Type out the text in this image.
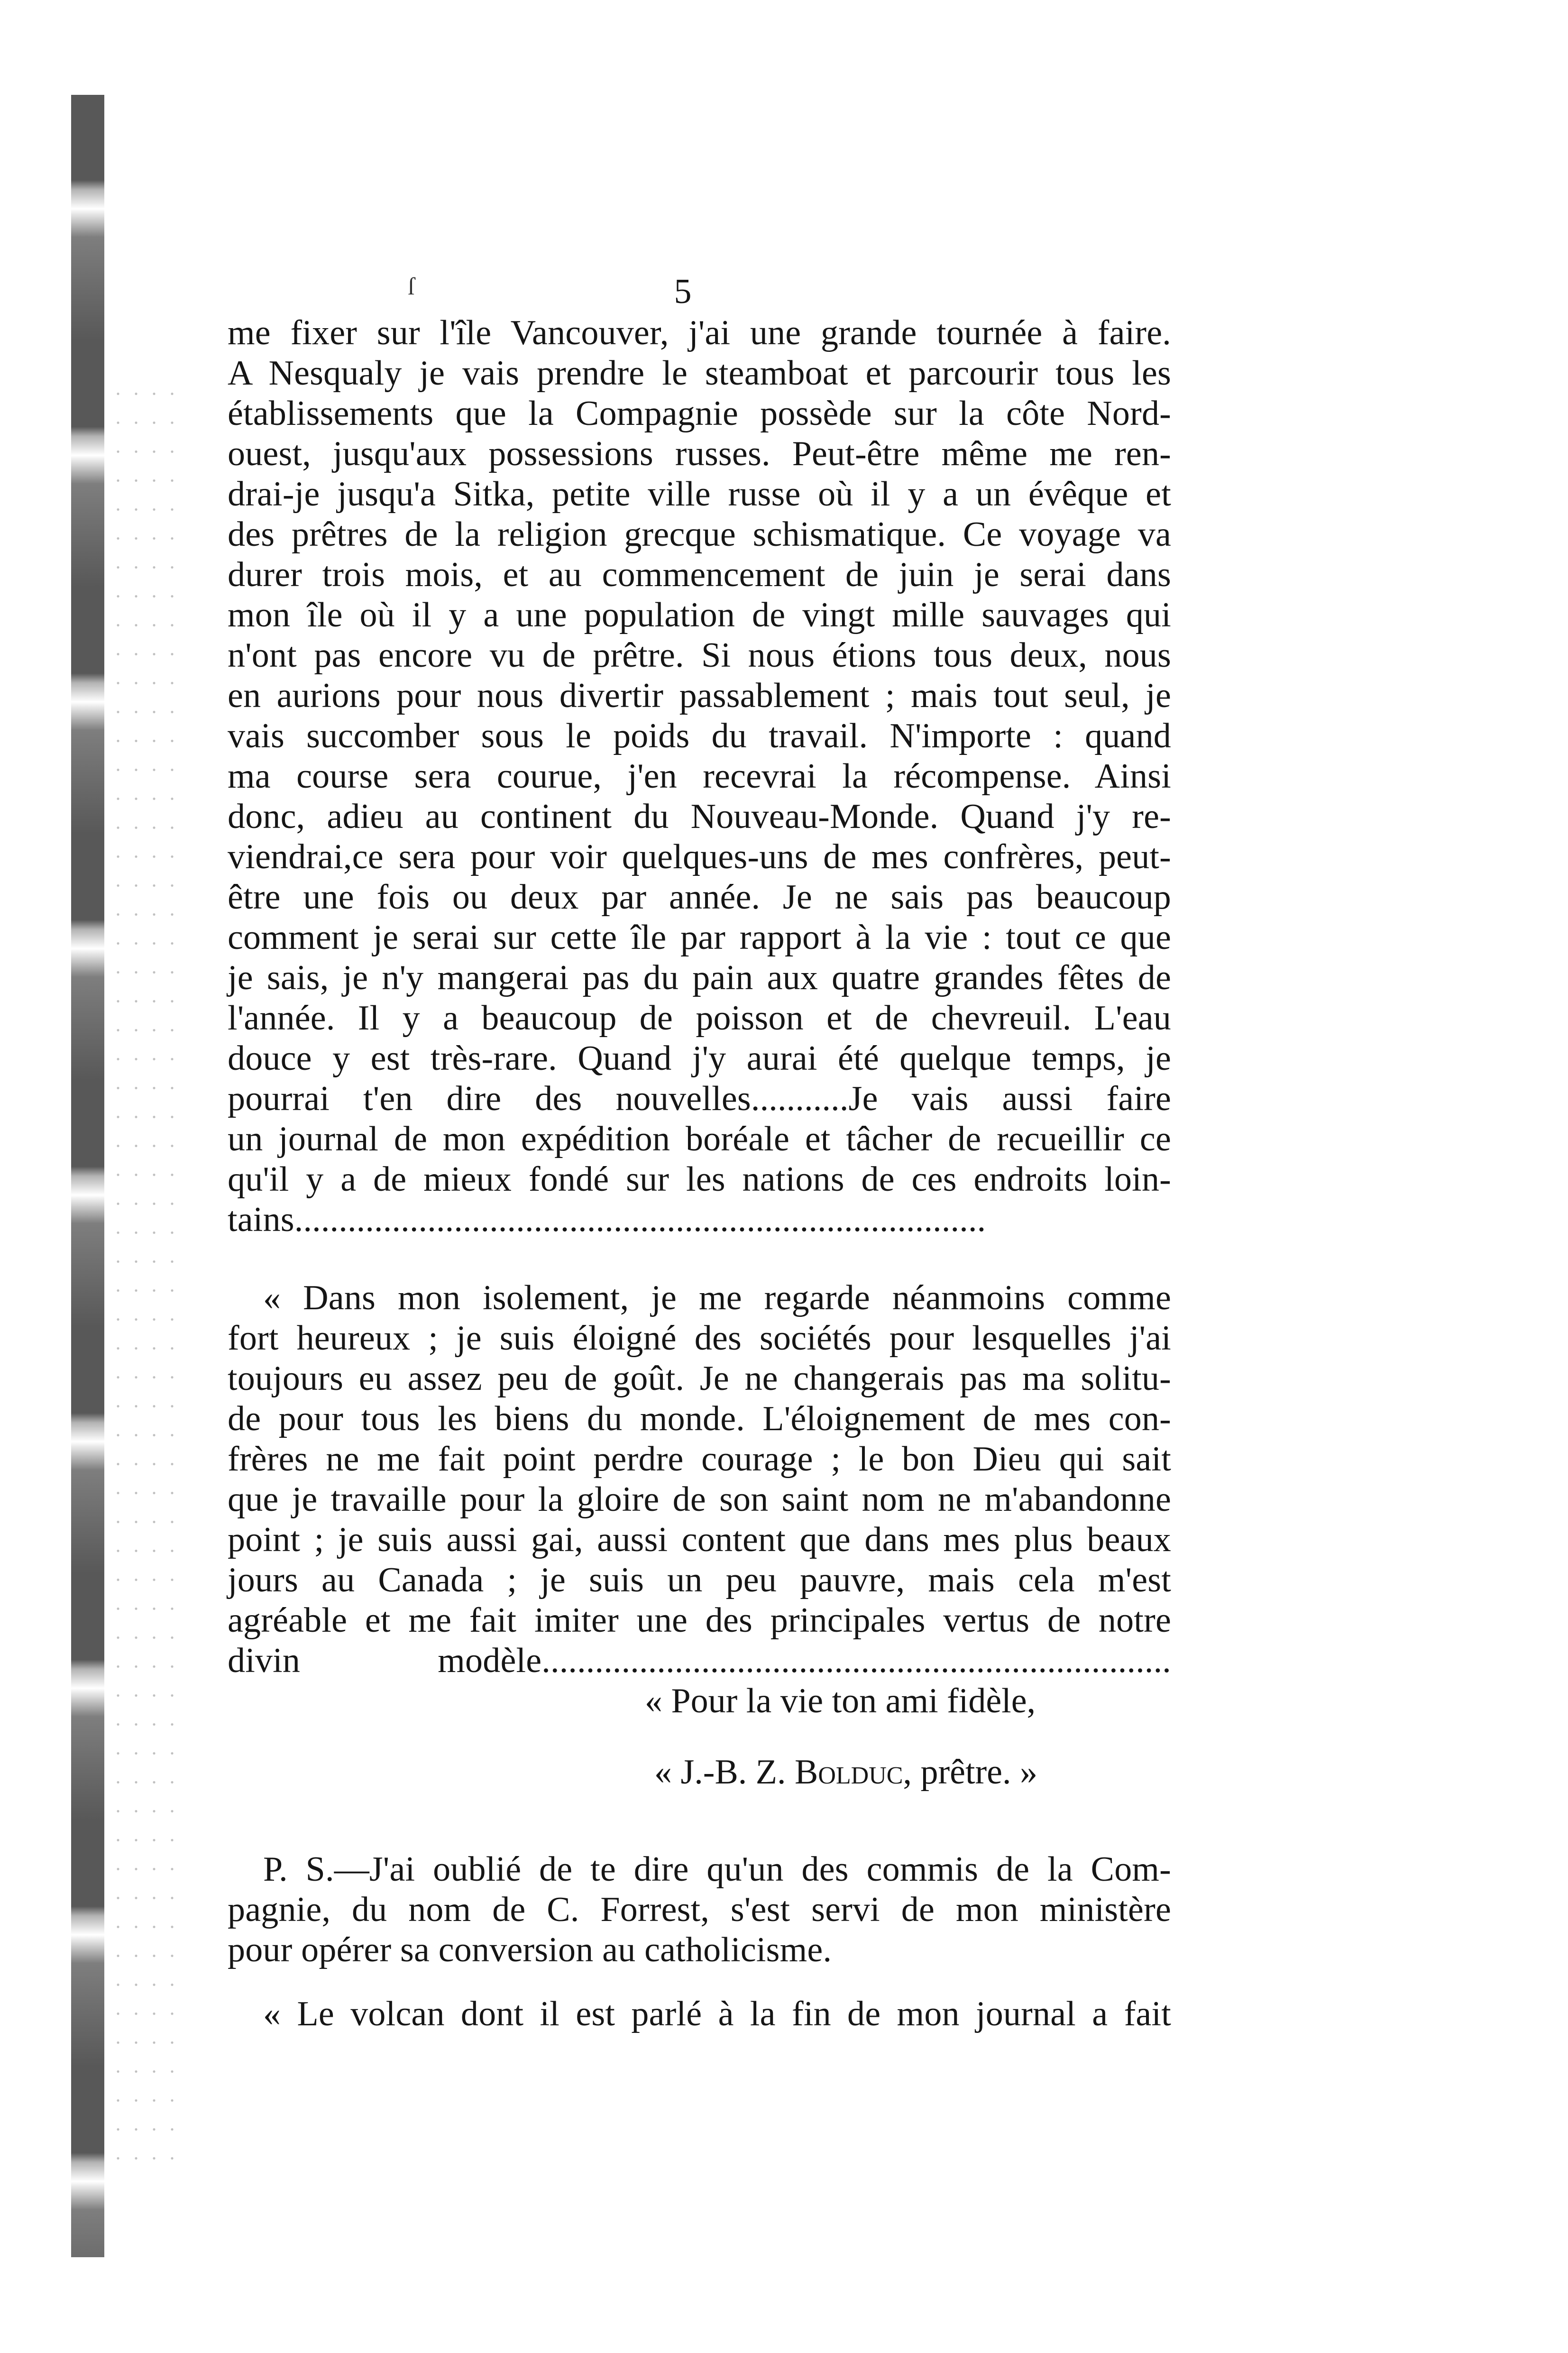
ſ	5
me fixer sur l'île Vancouver, j'ai une grande tournée à faire.
A Nesqualy je vais prendre le steamboat et parcourir tous les
établissements que la Compagnie possède sur la côte Nord-
ouest, jusqu'aux possessions russes. Peut-être même me ren-
drai-je jusqu'a Sitka, petite ville russe où il y a un évêque et
des prêtres de la religion grecque schismatique. Ce voyage va
durer trois mois, et au commencement de juin je serai dans
mon île où il y a une population de vingt mille sauvages qui
n'ont pas encore vu de prêtre. Si nous étions tous deux, nous
en aurions pour nous divertir passablement ; mais tout seul, je
vais succomber sous le poids du travail. N'importe : quand
ma course sera courue, j'en recevrai la récompense. Ainsi
donc, adieu au continent du Nouveau-Monde. Quand j'y re-
viendrai,ce sera pour voir quelques-uns de mes confrères, peut-
être une fois ou deux par année. Je ne sais pas beaucoup
comment je serai sur cette île par rapport à la vie : tout ce que
je sais, je n'y mangerai pas du pain aux quatre grandes fêtes de
l'année. Il y a beaucoup de poisson et de chevreuil. L'eau
douce y est très-rare. Quand j'y aurai été quelque temps, je
pourrai t'en dire des nouvelles...........Je vais aussi faire
un journal de mon expédition boréale et tâcher de recueillir ce
qu'il y a de mieux fondé sur les nations de ces endroits loin-
tains..............................................................................
« Dans mon isolement, je me regarde néanmoins comme
fort heureux ; je suis éloigné des sociétés pour lesquelles j'ai
toujours eu assez peu de goût. Je ne changerais pas ma solitu-
de pour tous les biens du monde. L'éloignement de mes con-
frères ne me fait point perdre courage ; le bon Dieu qui sait
que je travaille pour la gloire de son saint nom ne m'abandonne
point ; je suis aussi gai, aussi content que dans mes plus beaux
jours au Canada ; je suis un peu pauvre, mais cela m'est
agréable et me fait imiter une des principales vertus de notre
divin modèle.......................................................................
« Pour la vie ton ami fidèle,
« J.-B. Z. Bolduc, prêtre. »
P. S.—J'ai oublié de te dire qu'un des commis de la Com-
pagnie, du nom de C. Forrest, s'est servi de mon ministère
pour opérer sa conversion au catholicisme.
« Le volcan dont il est parlé à la fin de mon journal a fait
